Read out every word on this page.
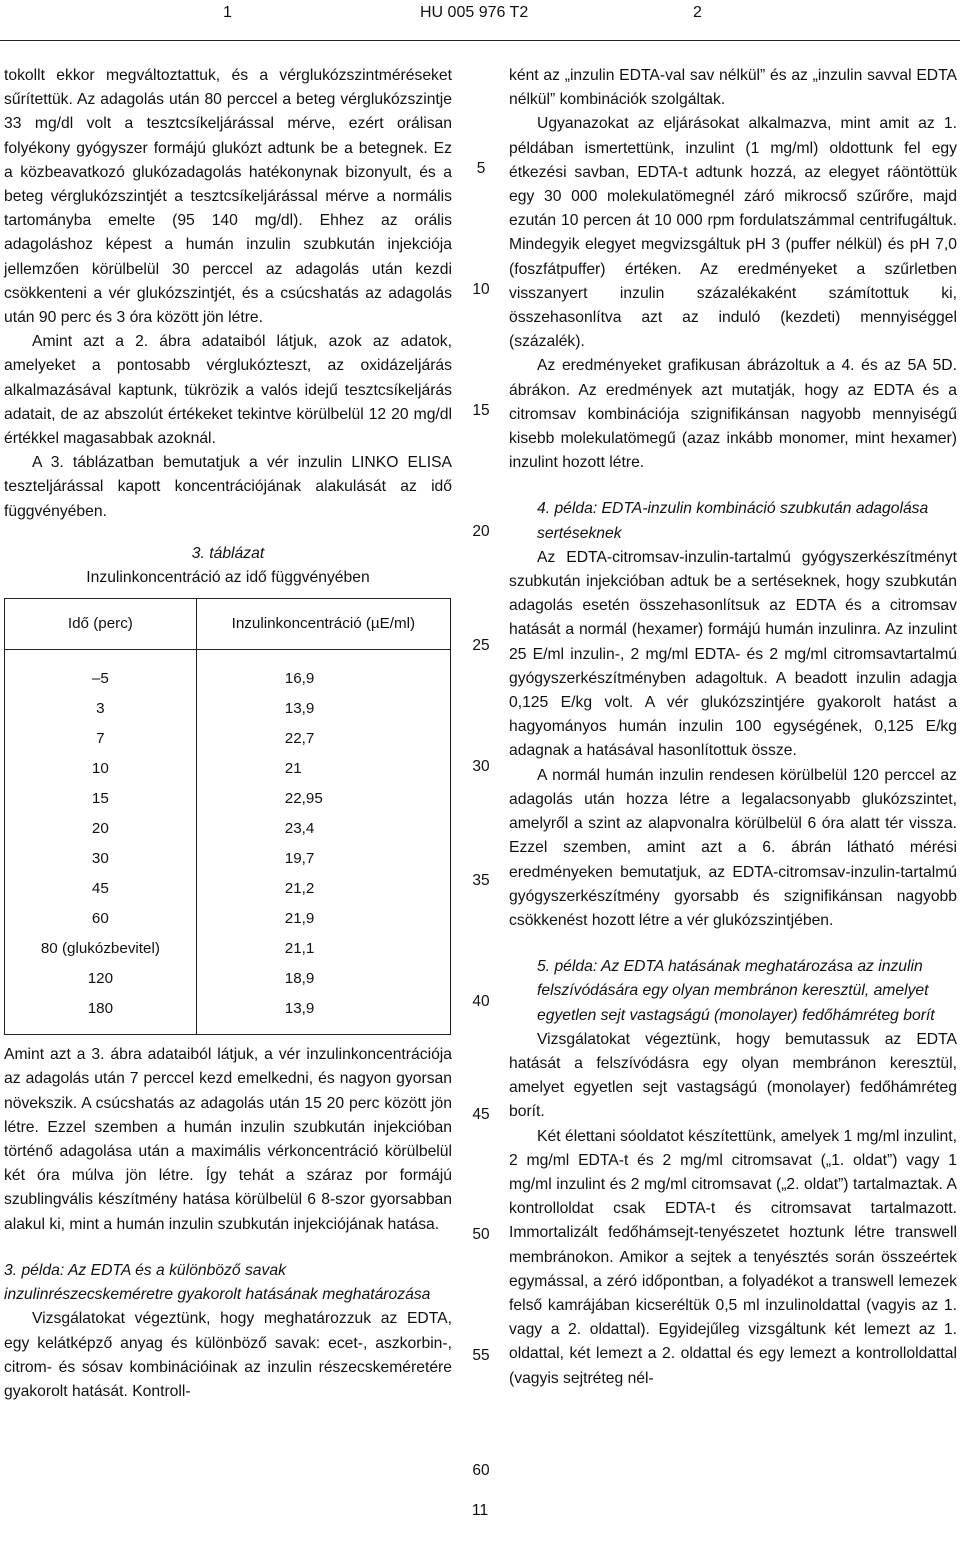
1	HU 005 976 T2	2

tokollt ekkor megváltoztattuk, és a vérglukózszintméréseket sűrítettük. Az adagolás után 80 perccel a beteg vérglukózszintje 33 mg/dl volt a tesztcsíkeljárással mérve, ezért orálisan folyékony gyógyszer formájú glukózt adtunk be a betegnek. Ez a közbeavatkozó glukózadagolás hatékonynak bizonyult, és a beteg vérglukózszintjét a tesztcsíkeljárással mérve a normális tartományba emelte (95 140 mg/dl). Ehhez az orális adagoláshoz képest a humán inzulin szubkután injekciója jellemzően körülbelül 30 perccel az adagolás után kezdi csökkenteni a vér glukózszintjét, és a csúcshatás az adagolás után 90 perc és 3 óra között jön létre.

Amint azt a 2. ábra adataiból látjuk, azok az adatok, amelyeket a pontosabb vérglukózteszt, az oxidázeljárás alkalmazásával kaptunk, tükrözik a valós idejű tesztcsíkeljárás adatait, de az abszolút értékeket tekintve körülbelül 12 20 mg/dl értékkel magasabbak azoknál.

A 3. táblázatban bemutatjuk a vér inzulin LINKO ELISA teszteljárással kapott koncentrációjának alakulását az idő függvényében.

3. táblázat
Inzulinkoncentráció az idő függvényében
Idő (perc)	Inzulinkoncentráció (µE/ml)
–5	16,9
3	13,9
7	22,7
10	21
15	22,95
20	23,4
30	19,7
45	21,2
60	21,9
80 (glukózbevitel)	21,1
120	18,9
180	13,9

Amint azt a 3. ábra adataiból látjuk, a vér inzulinkoncentrációja az adagolás után 7 perccel kezd emelkedni, és nagyon gyorsan növekszik. A csúcshatás az adagolás után 15 20 perc között jön létre. Ezzel szemben a humán inzulin szubkután injekcióban történő adagolása után a maximális vérkoncentráció körülbelül két óra múlva jön létre. Így tehát a száraz por formájú szublingvális készítmény hatása körülbelül 6 8-szor gyorsabban alakul ki, mint a humán inzulin szubkután injekciójának hatása.

3. példa: Az EDTA és a különböző savak inzulinrészecskeméretre gyakorolt hatásának meghatározása

Vizsgálatokat végeztünk, hogy meghatározzuk az EDTA, egy kelátképző anyag és különböző savak: ecet-, aszkorbin-, citrom- és sósav kombinációinak az inzulin részecskeméretére gyakorolt hatását. Kontroll-

ként az „inzulin EDTA-val sav nélkül” és az „inzulin savval EDTA nélkül” kombinációk szolgáltak.

Ugyanazokat az eljárásokat alkalmazva, mint amit az 1. példában ismertettünk, inzulint (1 mg/ml) oldottunk fel egy étkezési savban, EDTA-t adtunk hozzá, az elegyet ráöntöttük egy 30 000 molekulatömegnél záró mikrocső szűrőre, majd ezután 10 percen át 10 000 rpm fordulatszámmal centrifugáltuk. Mindegyik elegyet megvizsgáltuk pH 3 (puffer nélkül) és pH 7,0 (foszfátpuffer) értéken. Az eredményeket a szűrletben visszanyert inzulin százalékaként számítottuk ki, összehasonlítva azt az induló (kezdeti) mennyiséggel (százalék).

Az eredményeket grafikusan ábrázoltuk a 4. és az 5A 5D. ábrákon. Az eredmények azt mutatják, hogy az EDTA és a citromsav kombinációja szignifikánsan nagyobb mennyiségű kisebb molekulatömegű (azaz inkább monomer, mint hexamer) inzulint hozott létre.

4. példa: EDTA-inzulin kombináció szubkután adagolása sertéseknek

Az EDTA-citromsav-inzulin-tartalmú gyógyszerkészítményt szubkután injekcióban adtuk be a sertéseknek, hogy szubkután adagolás esetén összehasonlítsuk az EDTA és a citromsav hatását a normál (hexamer) formájú humán inzulinra. Az inzulint 25 E/ml inzulin-, 2 mg/ml EDTA- és 2 mg/ml citromsavtartalmú gyógyszerkészítményben adagoltuk. A beadott inzulin adagja 0,125 E/kg volt. A vér glukózszintjére gyakorolt hatást a hagyományos humán inzulin 100 egységének, 0,125 E/kg adagnak a hatásával hasonlítottuk össze.

A normál humán inzulin rendesen körülbelül 120 perccel az adagolás után hozza létre a legalacsonyabb glukózszintet, amelyről a szint az alapvonalra körülbelül 6 óra alatt tér vissza. Ezzel szemben, amint azt a 6. ábrán látható mérési eredményeken bemutatjuk, az EDTA-citromsav-inzulin-tartalmú gyógyszerkészítmény gyorsabb és szignifikánsan nagyobb csökkenést hozott létre a vér glukózszintjében.

5. példa: Az EDTA hatásának meghatározása az inzulin felszívódására egy olyan membránon keresztül, amelyet egyetlen sejt vastagságú (monolayer) fedőhámréteg borít

Vizsgálatokat végeztünk, hogy bemutassuk az EDTA hatását a felszívódásra egy olyan membránon keresztül, amelyet egyetlen sejt vastagságú (monolayer) fedőhámréteg borít.

Két élettani sóoldatot készítettünk, amelyek 1 mg/ml inzulint, 2 mg/ml EDTA-t és 2 mg/ml citromsavat („1. oldat”) vagy 1 mg/ml inzulint és 2 mg/ml citromsavat („2. oldat”) tartalmaztak. A kontrolloldat csak EDTA-t és citromsavat tartalmazott. Immortalizált fedőhámsejt-tenyészetet hoztunk létre transwell membránokon. Amikor a sejtek a tenyésztés során összeértek egymással, a zéró időpontban, a folyadékot a transwell lemezek felső kamrájában kicseréltük 0,5 ml inzulinoldattal (vagyis az 1. vagy a 2. oldattal). Egyidejűleg vizsgáltunk két lemezt az 1. oldattal, két lemezt a 2. oldattal és egy lemezt a kontrolloldattal (vagyis sejtréteg nél-

5
10
15
20
25
30
35
40
45
50
55
60
11
